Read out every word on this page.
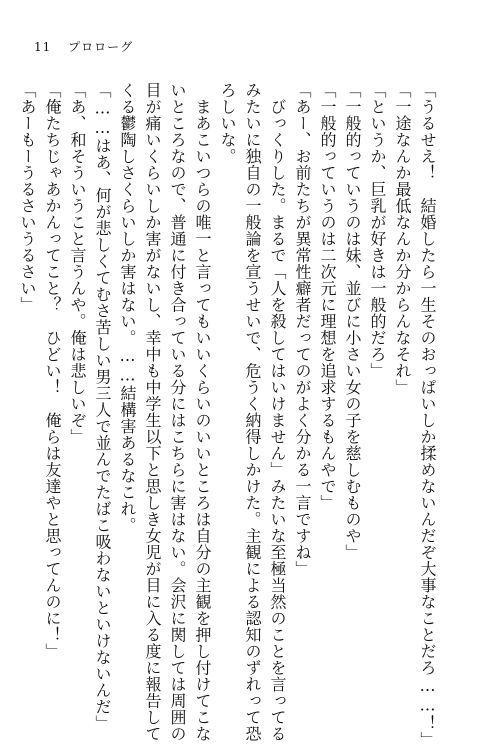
11 プロローグ
「うるせえ！　結婚したら一生そのおっぱいしか揉めないんだぞ大事なことだろ……！」
「一途なんか最低なんか分からんなそれ」
「というか、巨乳が好きは一般的だろ」
「一般的っていうのは妹、並びに小さい女の子を慈しむものや」
「一般的っていうのは二次元に理想を追求するもんやで」
「あー、お前たちが異常性癖者だってのがよく分かる一言ですね」
　びっくりした。まるで「人を殺してはいけません」みたいな至極当然のことを言ってる
みたいに独自の一般論を宣うせいで、危うく納得しかけた。主観による認知のずれって恐
ろしいな。
　まあこいつらの唯一と言ってもいいくらいのいいところは自分の主観を押し付けてこな
いところなので、普通に付き合っている分にはこちらに害はない。会沢に関しては周囲の
目が痛いくらいしか害がないし、幸中も中学生以下と思しき女児が目に入る度に報告して
くる鬱陶しさくらいしか害はない。……結構害あるなこれ。
「……はあ、何が悲しくてむさ苦しい男三人で並んでたばこ吸わないといけないんだ」
「あ、和そういうこと言うんや。俺は悲しいぞ」
「俺たちじゃあかんってこと？　ひどい！　俺らは友達やと思ってんのに！」
「あーもーうるさいうるさい」
